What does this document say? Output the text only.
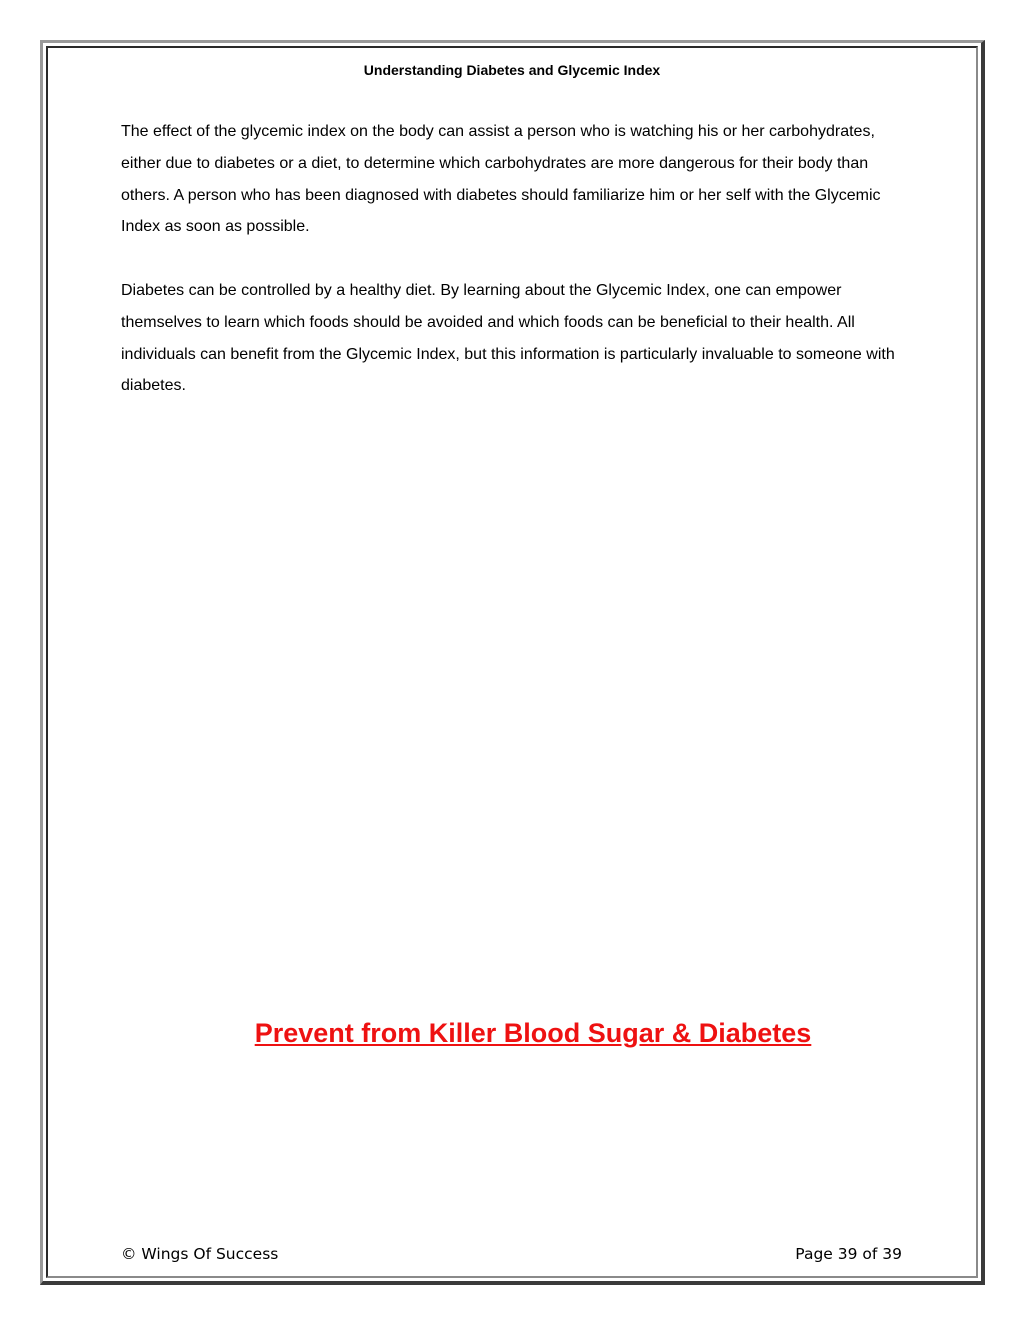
Understanding Diabetes and Glycemic Index

The effect of the glycemic index on the body can assist a person who is watching his or her carbohydrates, either due to diabetes or a diet, to determine which carbohydrates are more dangerous for their body than others. A person who has been diagnosed with diabetes should familiarize him or her self with the Glycemic Index as soon as possible.

Diabetes can be controlled by a healthy diet. By learning about the Glycemic Index, one can empower themselves to learn which foods should be avoided and which foods can be beneficial to their health. All individuals can benefit from the Glycemic Index, but this information is particularly invaluable to someone with diabetes.

Prevent from Killer Blood Sugar & Diabetes
© Wings Of Success	Page 39 of 39
